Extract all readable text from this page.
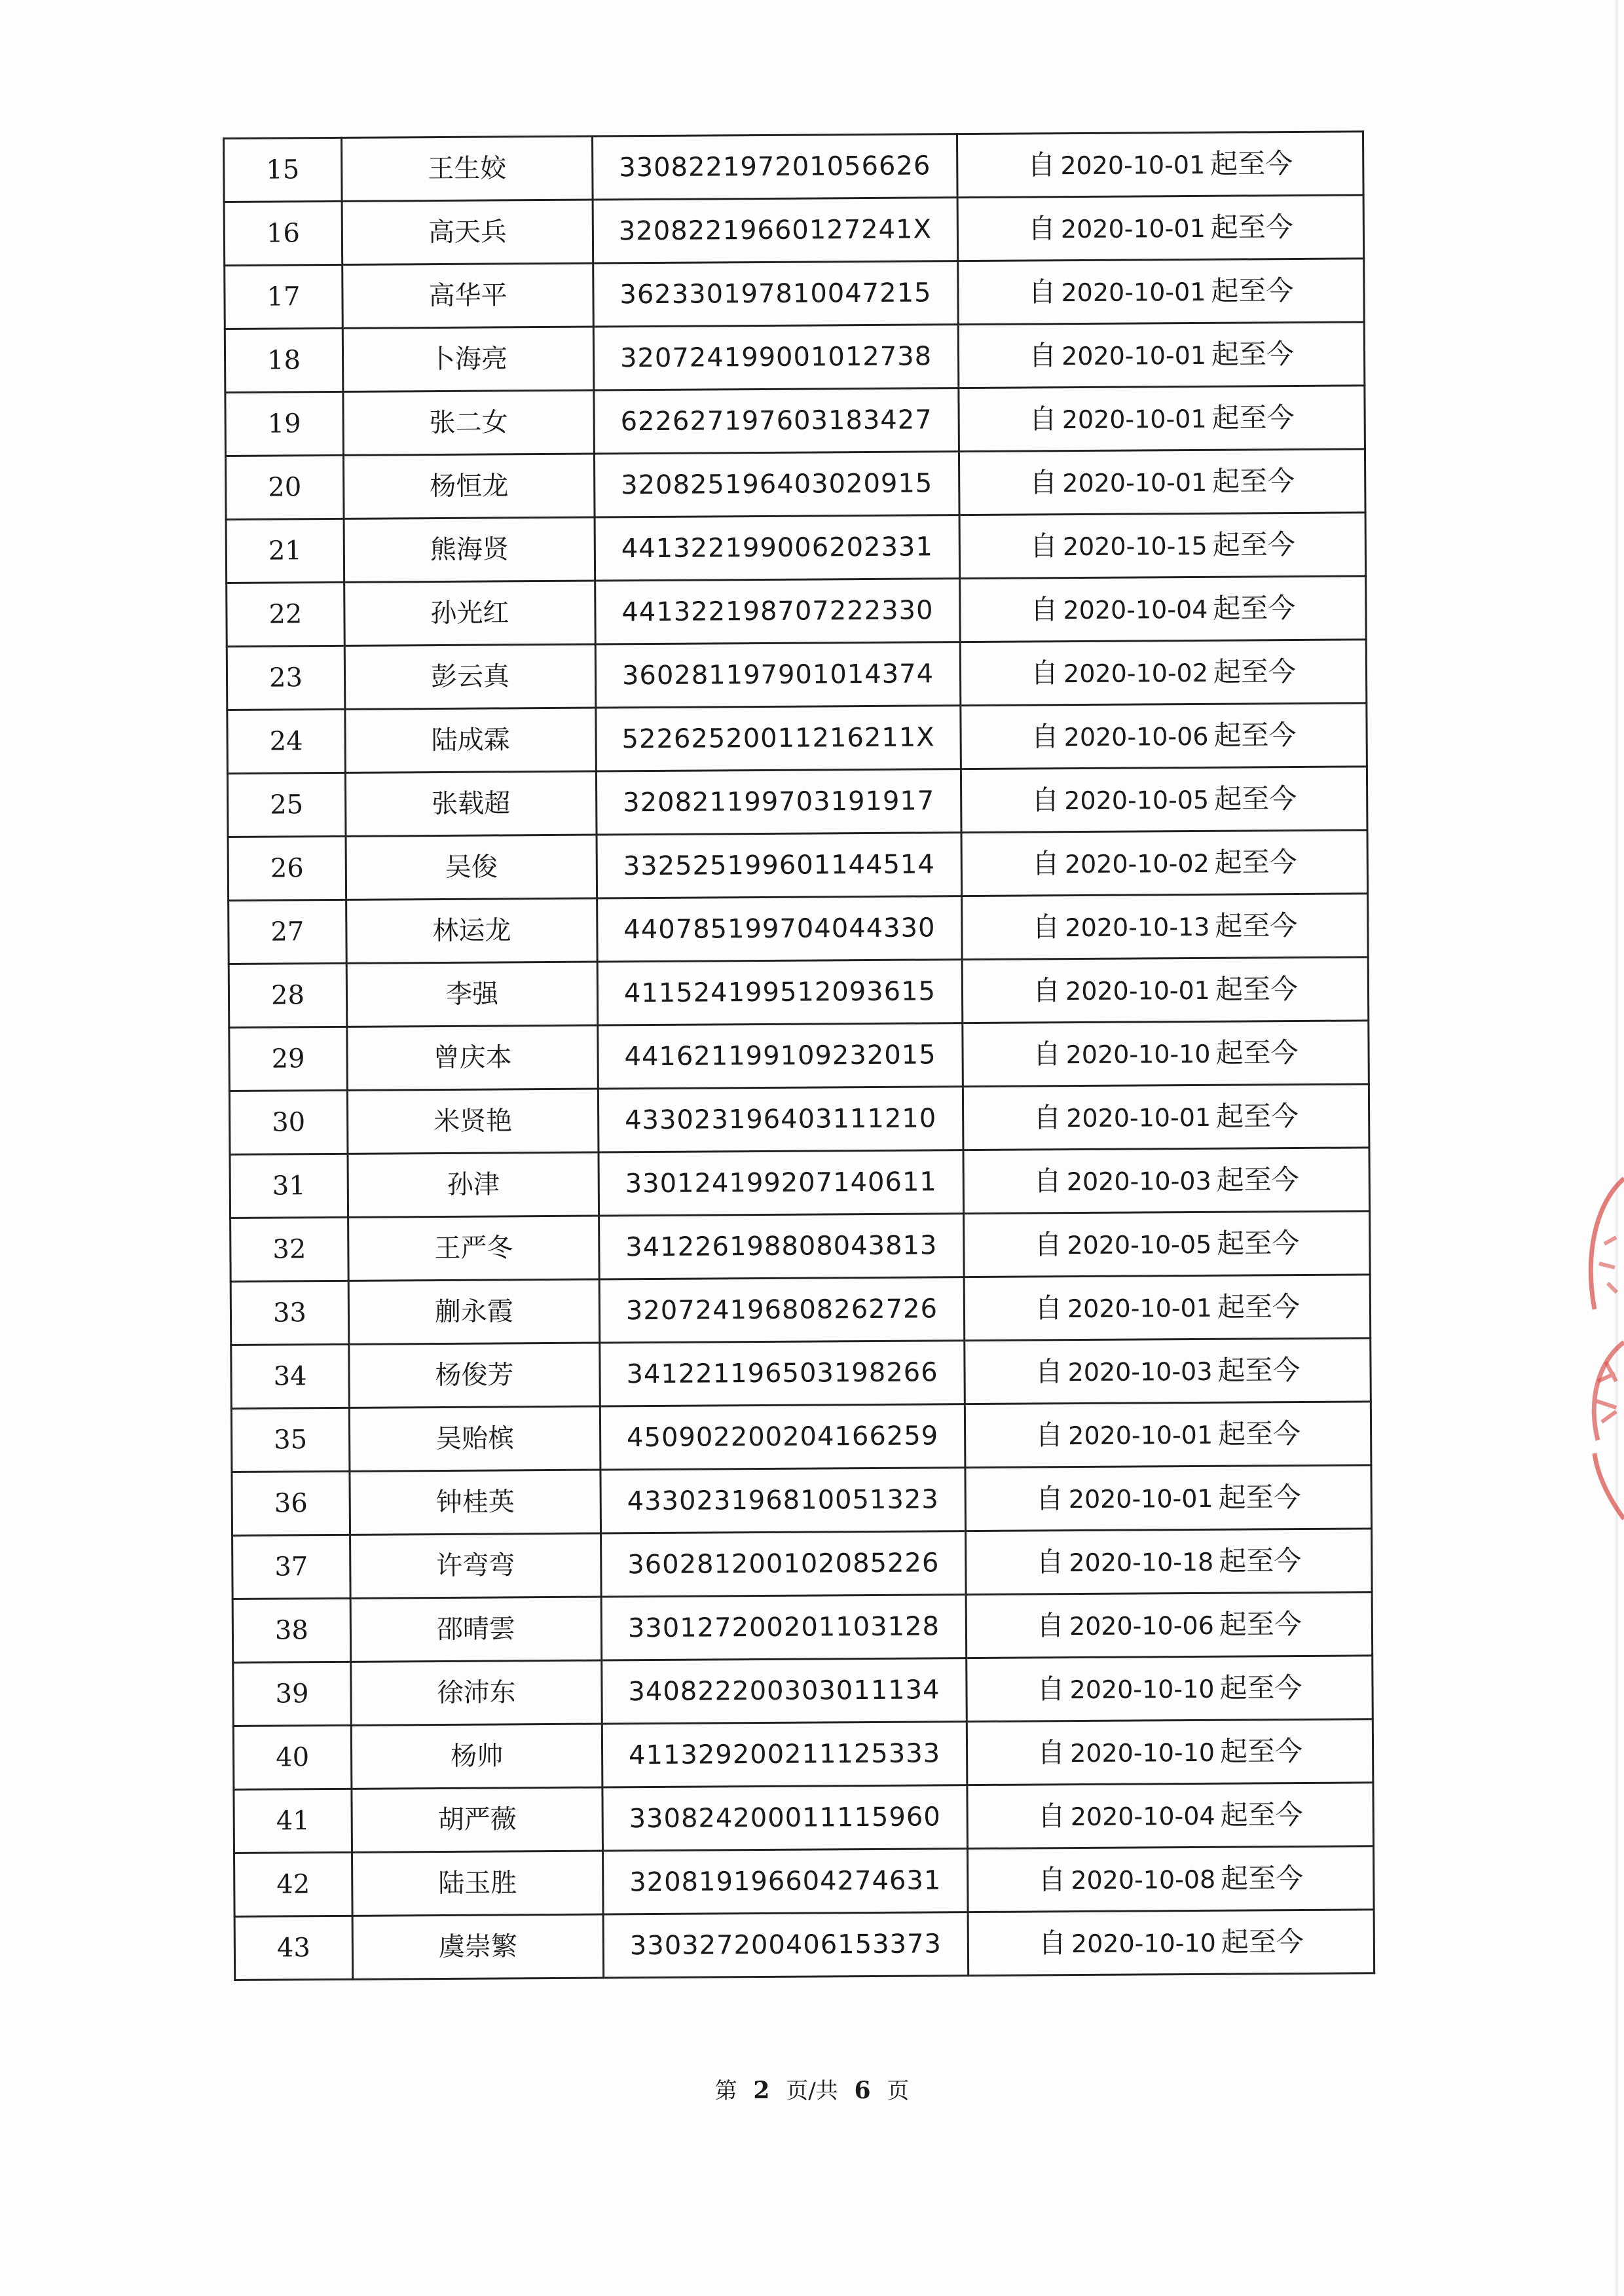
15	王生姣	330822197201056626	自 2020-10-01 起至今
16	高天兵	32082219660127241X	自 2020-10-01 起至今
17	高华平	362330197810047215	自 2020-10-01 起至今
18	卜海亮	320724199001012738	自 2020-10-01 起至今
19	张二女	622627197603183427	自 2020-10-01 起至今
20	杨恒龙	320825196403020915	自 2020-10-01 起至今
21	熊海贤	441322199006202331	自 2020-10-15 起至今
22	孙光红	441322198707222330	自 2020-10-04 起至今
23	彭云真	360281197901014374	自 2020-10-02 起至今
24	陆成霖	52262520011216211X	自 2020-10-06 起至今
25	张载超	320821199703191917	自 2020-10-05 起至今
26	吴俊	332525199601144514	自 2020-10-02 起至今
27	林运龙	440785199704044330	自 2020-10-13 起至今
28	李强	411524199512093615	自 2020-10-01 起至今
29	曾庆本	441621199109232015	自 2020-10-10 起至今
30	米贤艳	433023196403111210	自 2020-10-01 起至今
31	孙津	330124199207140611	自 2020-10-03 起至今
32	王严冬	341226198808043813	自 2020-10-05 起至今
33	蒯永霞	320724196808262726	自 2020-10-01 起至今
34	杨俊芳	341221196503198266	自 2020-10-03 起至今
35	吴贻槟	450902200204166259	自 2020-10-01 起至今
36	钟桂英	433023196810051323	自 2020-10-01 起至今
37	许弯弯	360281200102085226	自 2020-10-18 起至今
38	邵晴雲	330127200201103128	自 2020-10-06 起至今
39	徐沛东	340822200303011134	自 2020-10-10 起至今
40	杨帅	411329200211125333	自 2020-10-10 起至今
41	胡严薇	330824200011115960	自 2020-10-04 起至今
42	陆玉胜	320819196604274631	自 2020-10-08 起至今
43	虞崇繁	330327200406153373	自 2020-10-10 起至今
第 2 页/共 6 页
